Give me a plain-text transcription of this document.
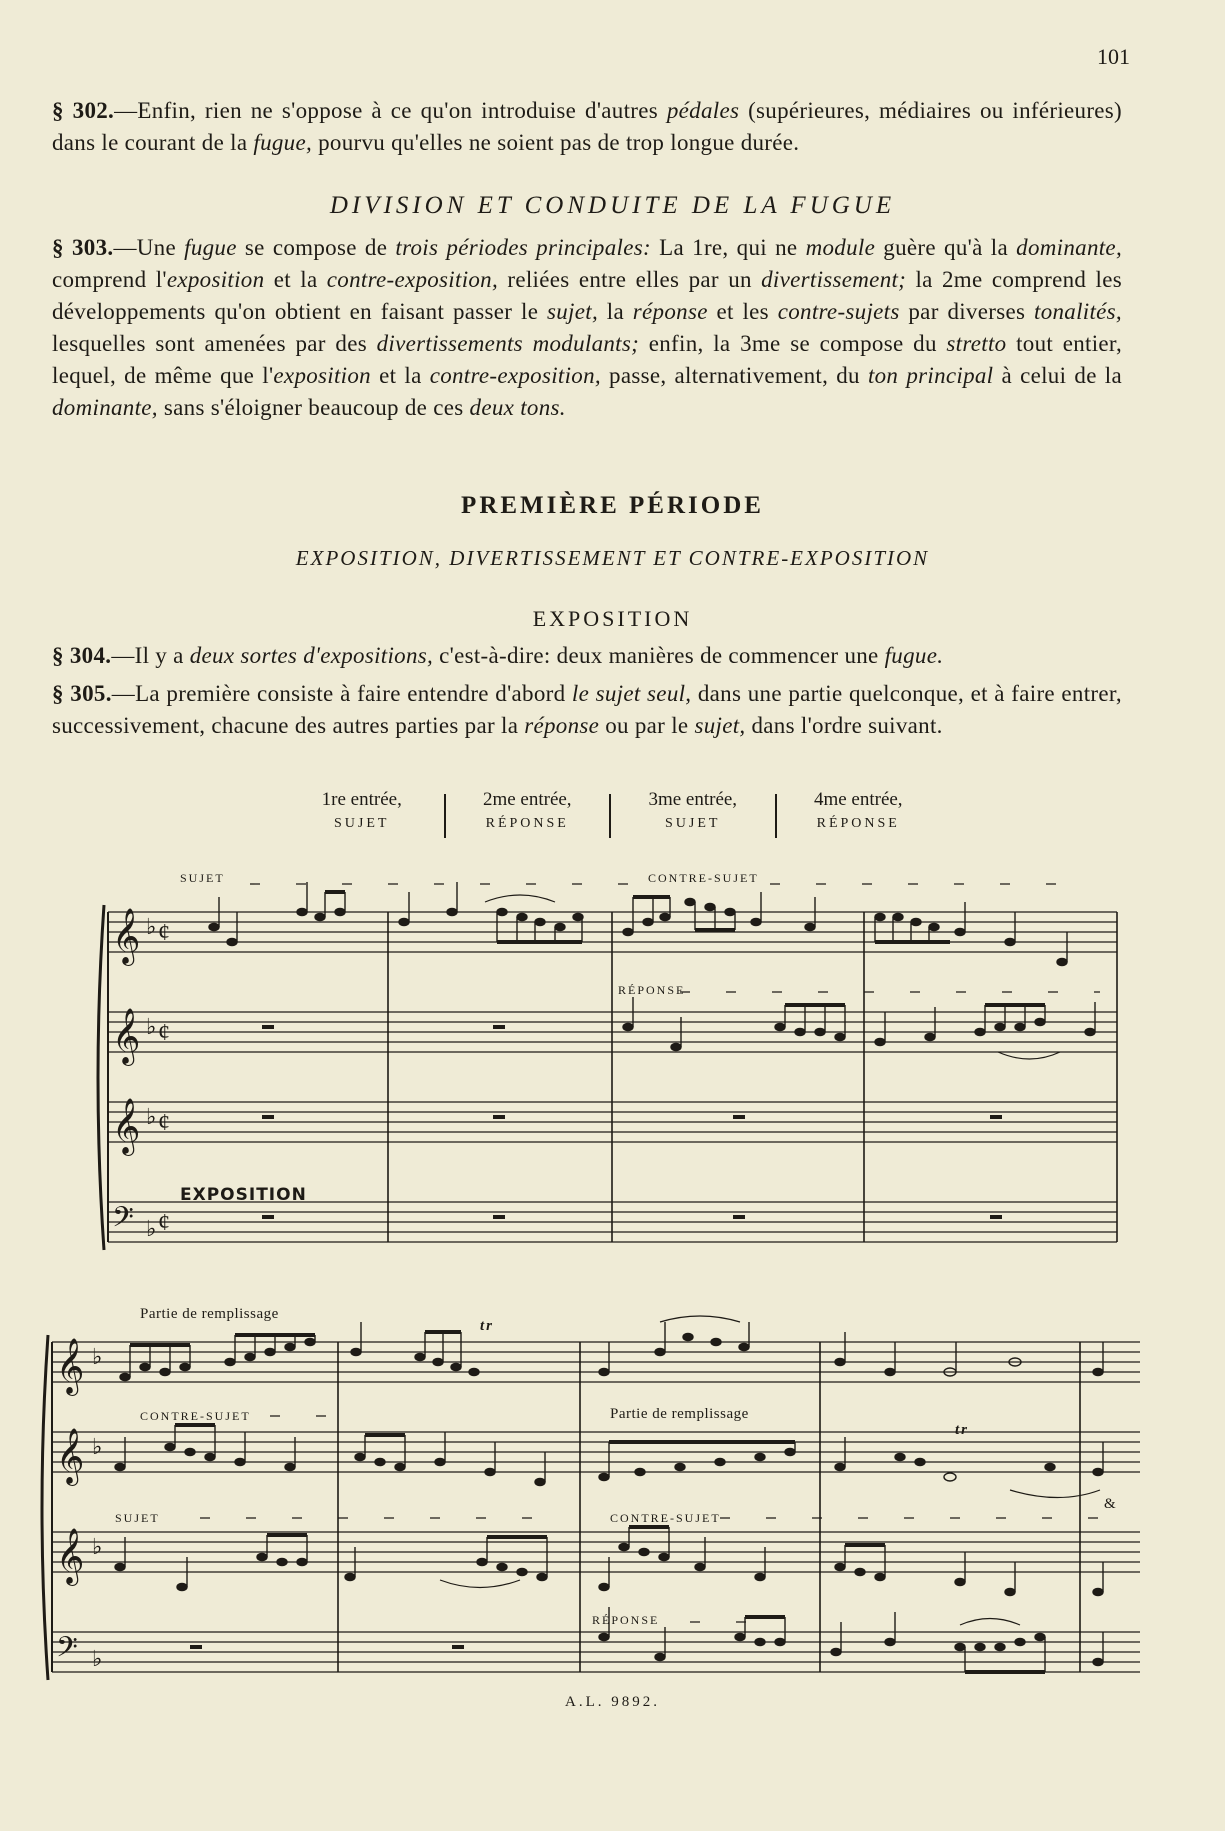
101
§ 302.—Enfin, rien ne s'oppose à ce qu'on introduise d'autres pédales (supérieures, médiaires ou inférieures) dans le courant de la fugue, pourvu qu'elles ne soient pas de trop longue durée.
DIVISION ET CONDUITE DE LA FUGUE
§ 303.—Une fugue se compose de trois périodes principales: La 1re, qui ne module guère qu'à la dominante, comprend l'exposition et la contre-exposition, reliées entre elles par un divertissement; la 2me comprend les développements qu'on obtient en faisant passer le sujet, la réponse et les contre-sujets par diverses tonalités, lesquelles sont amenées par des divertissements modulants; enfin, la 3me se compose du stretto tout entier, lequel, de même que l'exposition et la contre-exposition, passe, alternativement, du ton principal à celui de la dominante, sans s'éloigner beaucoup de ces deux tons.
PREMIÈRE PÉRIODE
EXPOSITION, DIVERTISSEMENT ET CONTRE-EXPOSITION
EXPOSITION
§ 304.—Il y a deux sortes d'expositions, c'est-à-dire: deux manières de commencer une fugue.
§ 305.—La première consiste à faire entendre d'abord le sujet seul, dans une partie quelconque, et à faire entrer, successivement, chacune des autres parties par la réponse ou par le sujet, dans l'ordre suivant.
1re entrée,
SUJET
2me entrée,
RÉPONSE
3me entrée,
SUJET
4me entrée,
RÉPONSE
𝄞
𝄞
𝄞
𝄢
♭ ¢
♭ ¢
♭ ¢
♭ ¢
𝄞
𝄞
𝄞
𝄢
♭
♭
♭
♭
SUJET	CONTRE-SUJET
RÉPONSE
EXPOSITION
Partie de remplissage
CONTRE-SUJET	Partie de remplissage
SUJET	CONTRE-SUJET
RÉPONSE
tr
tr
&
A.L. 9892.
